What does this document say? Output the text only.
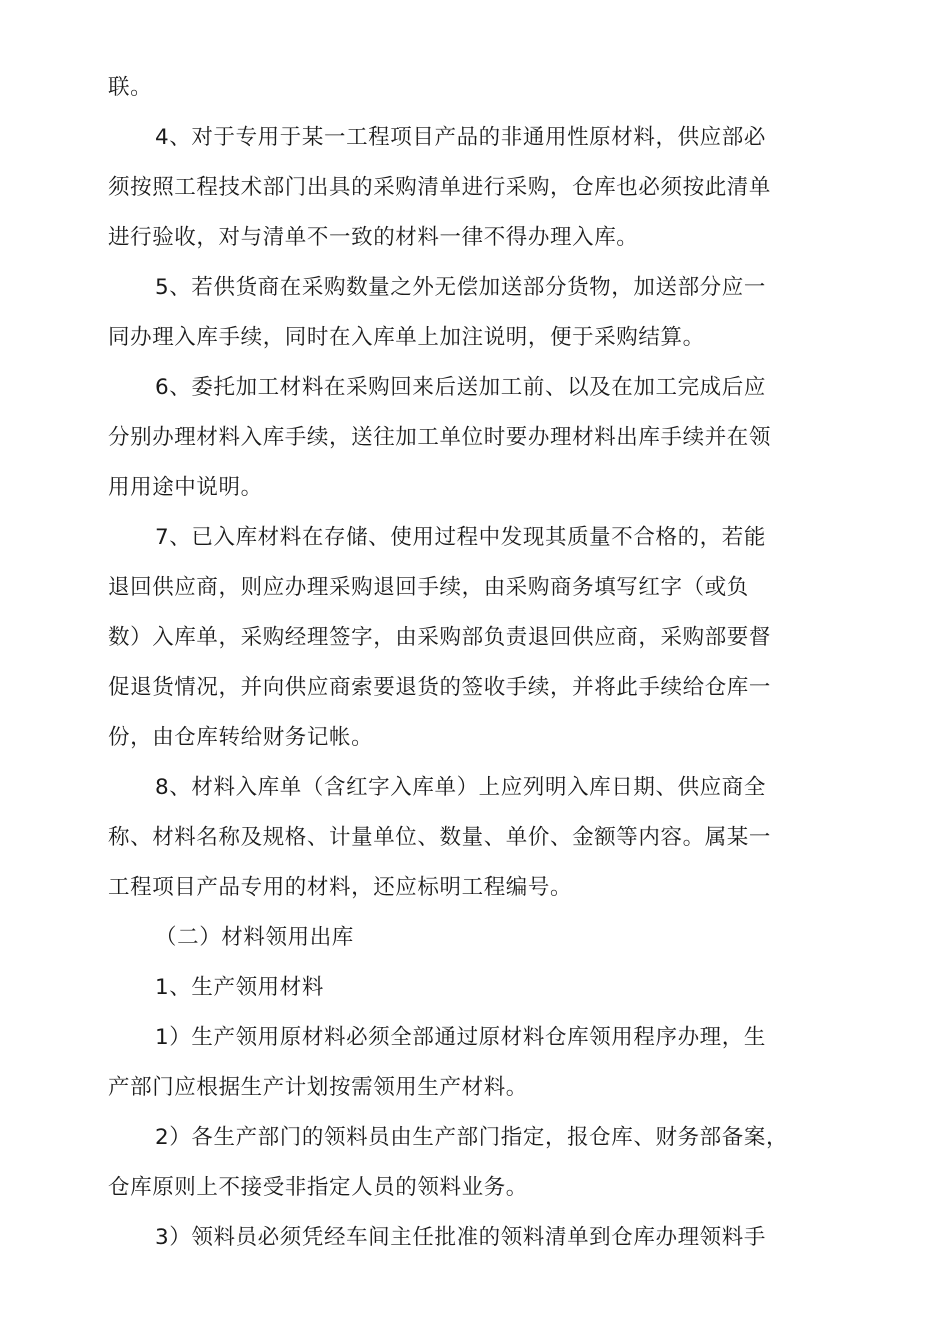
联。
4、对于专用于某一工程项目产品的非通用性原材料，供应部必
须按照工程技术部门出具的采购清单进行采购，仓库也必须按此清单
进行验收，对与清单不一致的材料一律不得办理入库。
5、若供货商在采购数量之外无偿加送部分货物，加送部分应一
同办理入库手续，同时在入库单上加注说明，便于采购结算。
6、委托加工材料在采购回来后送加工前、以及在加工完成后应
分别办理材料入库手续，送往加工单位时要办理材料出库手续并在领
用用途中说明。
7、已入库材料在存储、使用过程中发现其质量不合格的，若能
退回供应商，则应办理采购退回手续，由采购商务填写红字（或负
数）入库单，采购经理签字，由采购部负责退回供应商，采购部要督
促退货情况，并向供应商索要退货的签收手续，并将此手续给仓库一
份，由仓库转给财务记帐。
8、材料入库单（含红字入库单）上应列明入库日期、供应商全
称、材料名称及规格、计量单位、数量、单价、金额等内容。属某一
工程项目产品专用的材料，还应标明工程编号。
（二）材料领用出库
1、生产领用材料
1）生产领用原材料必须全部通过原材料仓库领用程序办理，生
产部门应根据生产计划按需领用生产材料。
2）各生产部门的领料员由生产部门指定，报仓库、财务部备案，
仓库原则上不接受非指定人员的领料业务。
3）领料员必须凭经车间主任批准的领料清单到仓库办理领料手
